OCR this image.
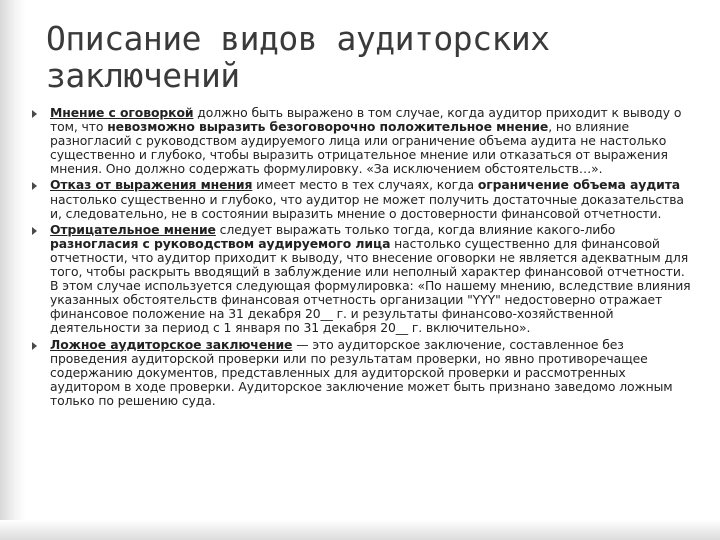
Описание видов аудиторских заключений
Мнение с оговоркой должно быть выражено в том случае, когда аудитор приходит к выводу о том, что невозможно выразить безоговорочно положительное мнение, но влияние разногласий с руководством аудируемого лица или ограничение объема аудита не настолько существенно и глубоко, чтобы выразить отрицательное мнение или отказаться от выражения мнения. Оно должно содержать формулировку. «За исключением обстоятельств…».
Отказ от выражения мнения имеет место в тех случаях, когда ограничение объема аудита настолько существенно и глубоко, что аудитор не может получить достаточные доказательства и, следовательно, не в состоянии выразить мнение о достоверности финансовой отчетности.
Отрицательное мнение следует выражать только тогда, когда влияние какого-либо разногласия с руководством аудируемого лица настолько существенно для финансовой отчетности, что аудитор приходит к выводу, что внесение оговорки не является адекватным для того, чтобы раскрыть вводящий в заблуждение или неполный характер финансовой отчетности. В этом случае используется следующая формулировка: «По нашему мнению, вследствие влияния указанных обстоятельств финансовая отчетность организации "YYY" недостоверно отражает финансовое положение на 31 декабря 20__ г. и результаты финансово-хозяйственной деятельности за период с 1 января по 31 декабря 20__ г. включительно».
Ложное аудиторское заключение — это аудиторское заключение, составленное без проведения аудиторской проверки или по результатам проверки, но явно противоречащее содержанию документов, представленных для аудиторской проверки и рассмотренных аудитором в ходе проверки. Аудиторское заключение может быть признано заведомо ложным только по решению суда.
